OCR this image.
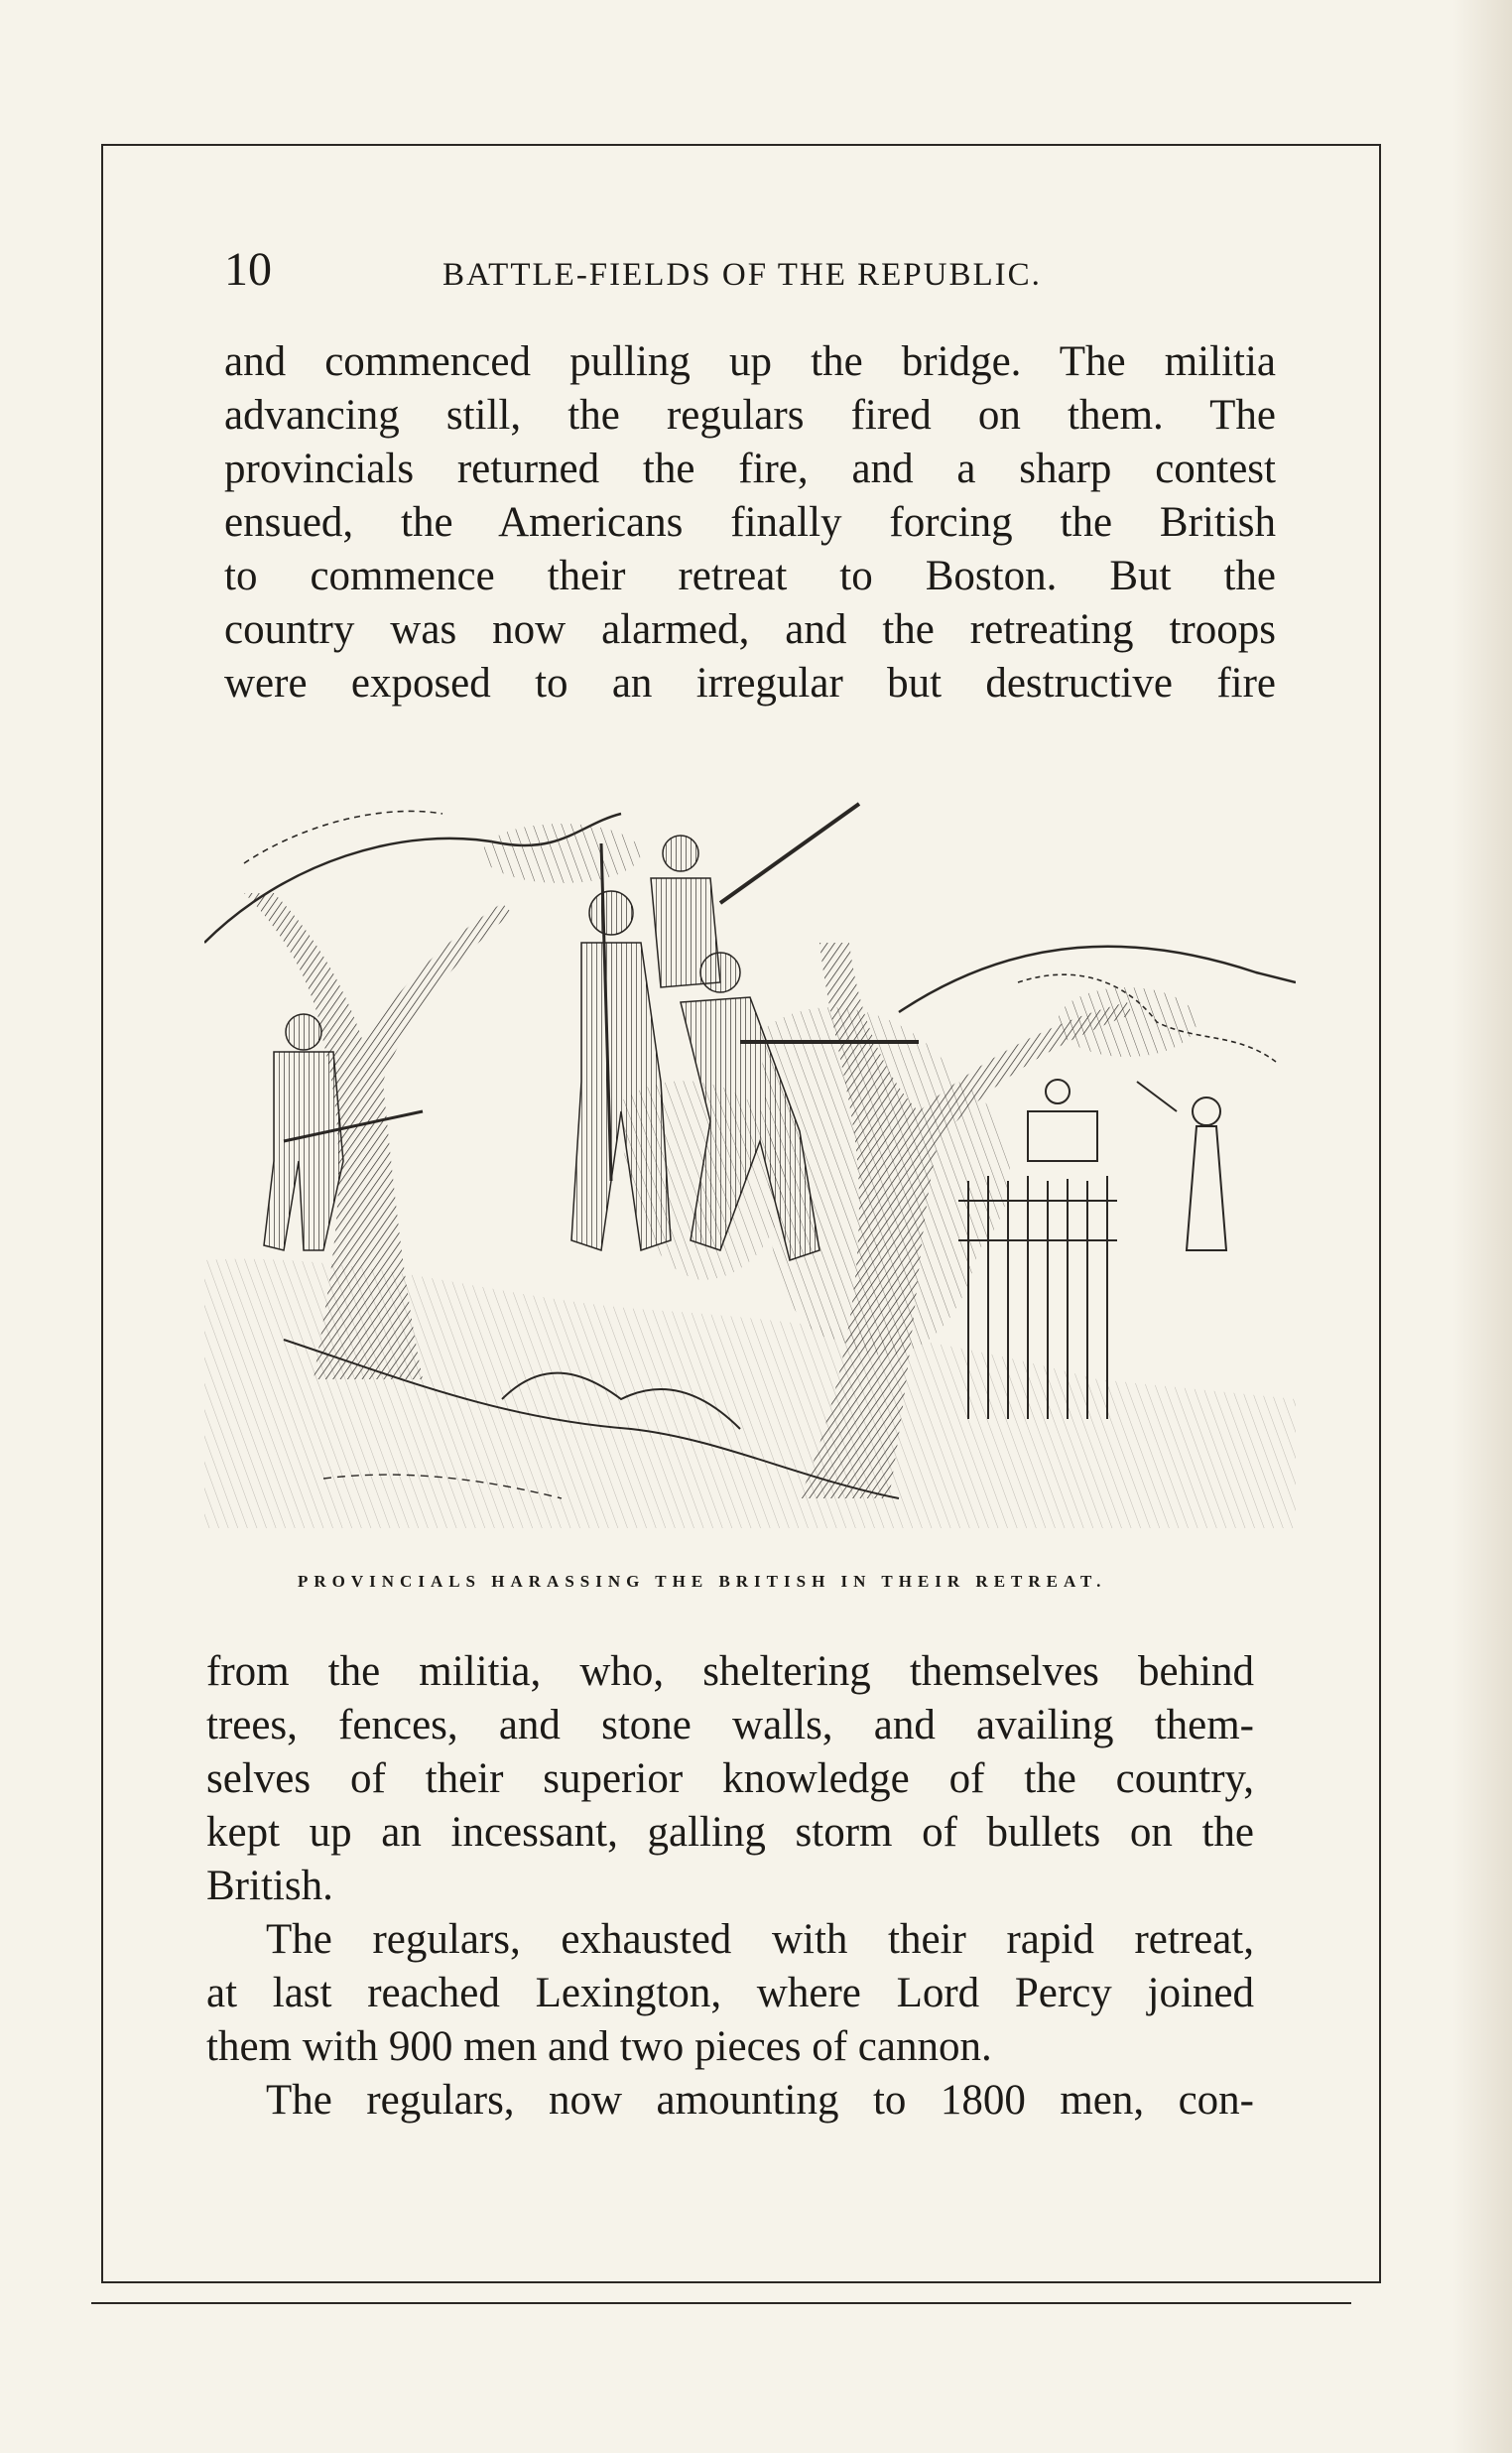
10	BATTLE-FIELDS OF THE REPUBLIC.
and commenced pulling up the bridge. The militia
advancing still, the regulars fired on them. The
provincials returned the fire, and a sharp contest
ensued, the Americans finally forcing the British
to commence their retreat to Boston. But the
country was now alarmed, and the retreating troops
were exposed to an irregular but destructive fire
PROVINCIALS HARASSING THE BRITISH IN THEIR RETREAT.
from the militia, who, sheltering themselves behind
trees, fences, and stone walls, and availing them-
selves of their superior knowledge of the country,
kept up an incessant, galling storm of bullets on the
British.
The regulars, exhausted with their rapid retreat,
at last reached Lexington, where Lord Percy joined
them with 900 men and two pieces of cannon.
The regulars, now amounting to 1800 men, con-
